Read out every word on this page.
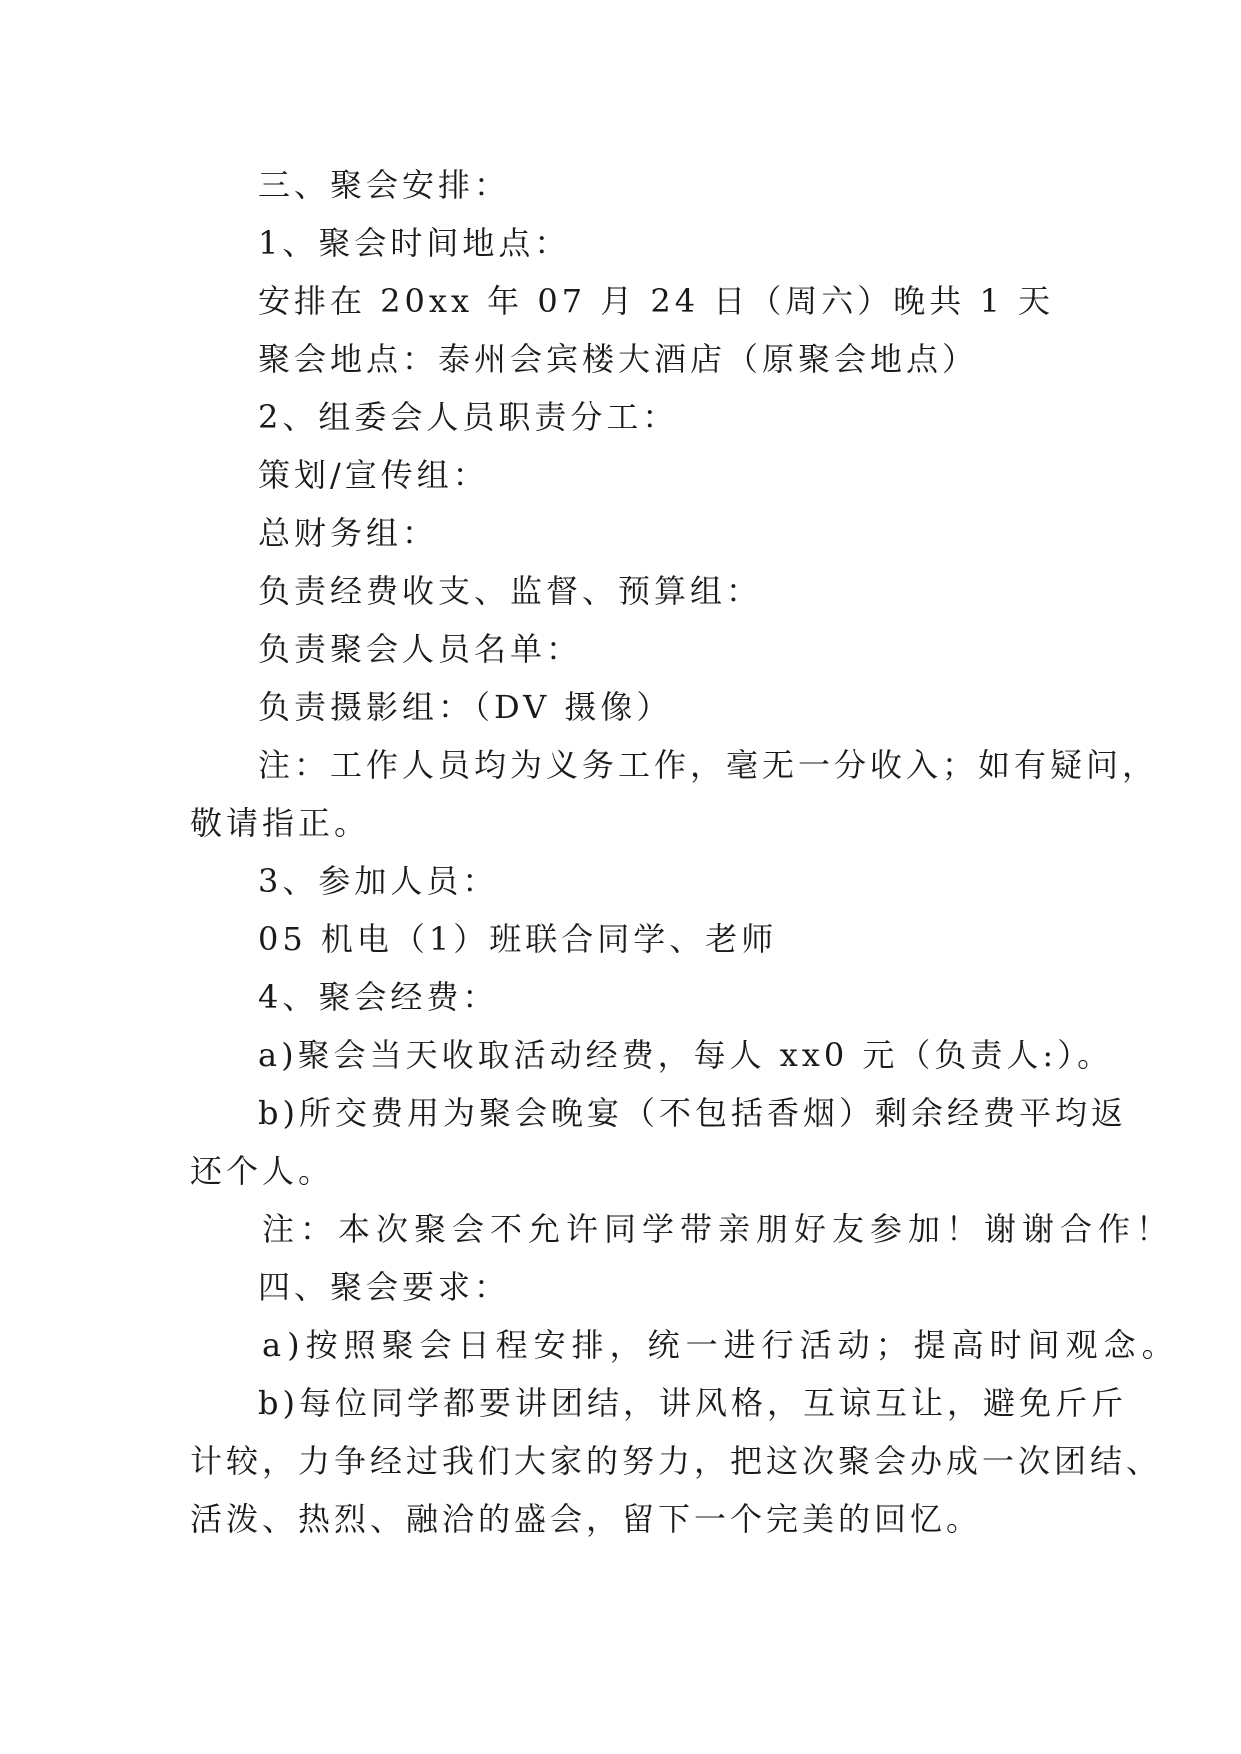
三、聚会安排：
1、聚会时间地点：
安排在 20xx 年 07 月 24 日（周六）晚共 1 天
聚会地点：泰州会宾楼大酒店（原聚会地点）
2、组委会人员职责分工：
策划/宣传组：
总财务组：
负责经费收支、监督、预算组：
负责聚会人员名单：
负责摄影组：（DV 摄像）
注：工作人员均为义务工作，毫无一分收入；如有疑问，
敬请指正。
3、参加人员：
05 机电（1）班联合同学、老师
4、聚会经费：
a)聚会当天收取活动经费，每人 xx0 元（负责人:）。
b)所交费用为聚会晚宴（不包括香烟）剩余经费平均返
还个人。
注：本次聚会不允许同学带亲朋好友参加！谢谢合作！
四、聚会要求：
a)按照聚会日程安排，统一进行活动；提高时间观念。
b)每位同学都要讲团结，讲风格，互谅互让，避免斤斤
计较，力争经过我们大家的努力，把这次聚会办成一次团结、
活泼、热烈、融洽的盛会，留下一个完美的回忆。
